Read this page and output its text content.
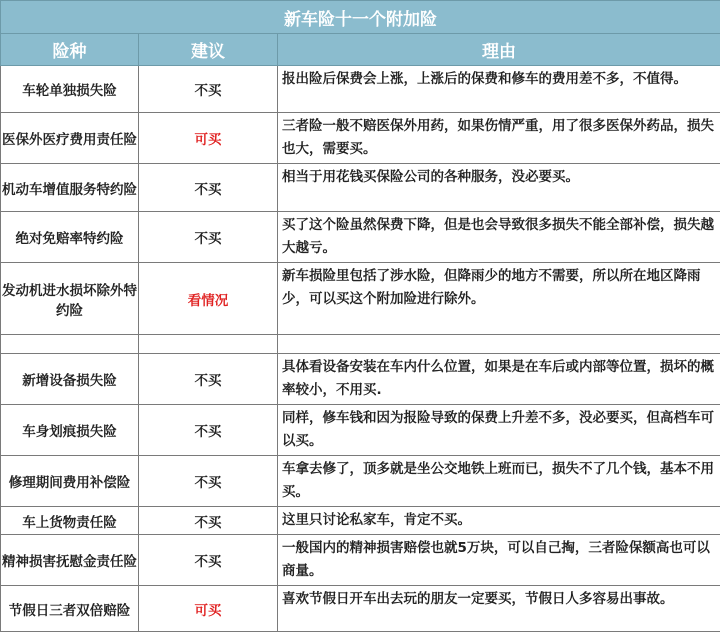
新车险十一个附加险		
险种	建议	理由
车轮单独损失险	不买	报出险后保费会上涨，上涨后的保费和修车的费用差不多，不值得。
医保外医疗费用责任险	可买	三者险一般不赔医保外用药，如果伤情严重，用了很多医保外药品，损失也大，需要买。
机动车增值服务特约险	不买	相当于用花钱买保险公司的各种服务，没必要买。
绝对免赔率特约险	不买	买了这个险虽然保费下降，但是也会导致很多损失不能全部补偿，损失越大越亏。
发动机进水损坏除外特约险	看情况	新车损险里包括了涉水险，但降雨少的地方不需要，所以所在地区降雨少，可以买这个附加险进行除外。

新增设备损失险	不买	具体看设备安装在车内什么位置，如果是在车后或内部等位置，损坏的概率较小，不用买.
车身划痕损失险	不买	同样，修车钱和因为报险导致的保费上升差不多，没必要买，但高档车可以买。
修理期间费用补偿险	不买	车拿去修了，顶多就是坐公交地铁上班而已，损失不了几个钱，基本不用买。
车上货物责任险	不买	这里只讨论私家车，肯定不买。
精神损害抚慰金责任险	不买	一般国内的精神损害赔偿也就5万块，可以自己掏，三者险保额高也可以商量。
节假日三者双倍赔险	可买	喜欢节假日开车出去玩的朋友一定要买，节假日人多容易出事故。
